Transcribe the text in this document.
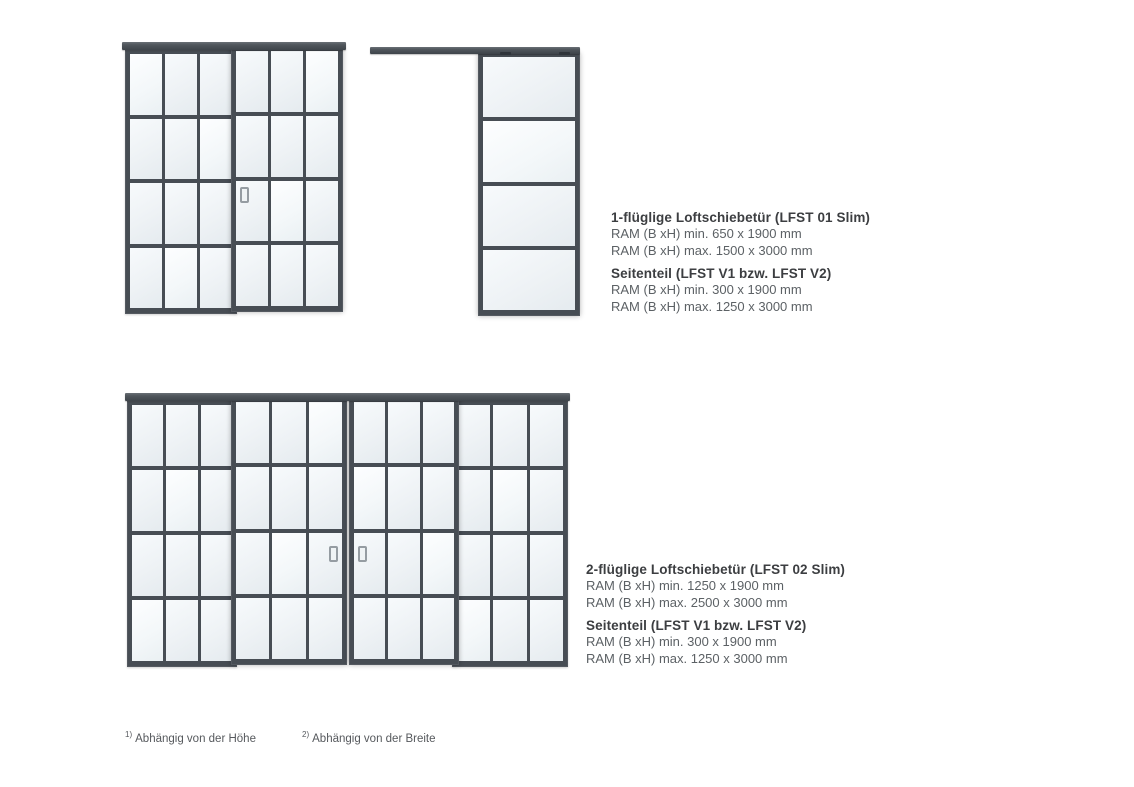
1-flüglige Loftschiebetür (LFST 01 Slim)
RAM (B xH) min. 650 x 1900 mm
RAM (B xH) max. 1500 x 3000 mm
Seitenteil (LFST V1 bzw. LFST V2)
RAM (B xH) min. 300 x 1900 mm
RAM (B xH) max. 1250 x 3000 mm
2-flüglige Loftschiebetür (LFST 02 Slim)
RAM (B xH) min. 1250 x 1900 mm
RAM (B xH) max. 2500 x 3000 mm
Seitenteil (LFST V1 bzw. LFST V2)
RAM (B xH) min. 300 x 1900 mm
RAM (B xH) max. 1250 x 3000 mm
$^{1)}$ Abhängig von der Höhe	$^{2)}$ Abhängig von der Breite
